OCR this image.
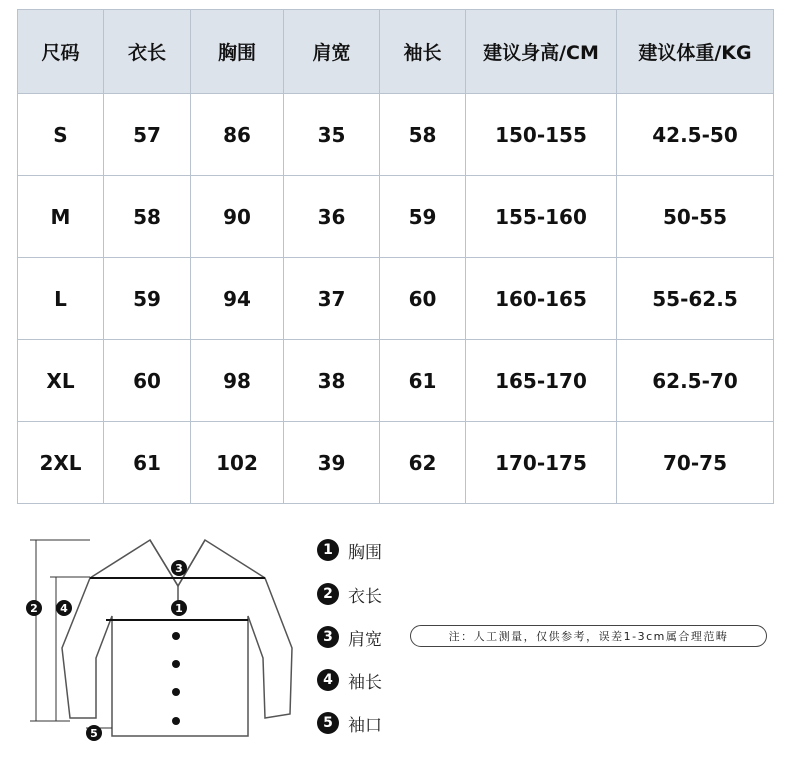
尺码	衣长	胸围	肩宽	袖长	建议身高/CM	建议体重/KG
S	57	86	35	58	150-155	42.5-50
M	58	90	36	59	155-160	50-55
L	59	94	37	60	160-165	55-62.5
XL	60	98	38	61	165-170	62.5-70
2XL	61	102	39	62	170-175	70-75
1
2
3
4
5
1 胸围
2 衣长
3 肩宽
4 袖长
5 袖口
注：人工测量，仅供参考，误差1-3cm属合理范畴
